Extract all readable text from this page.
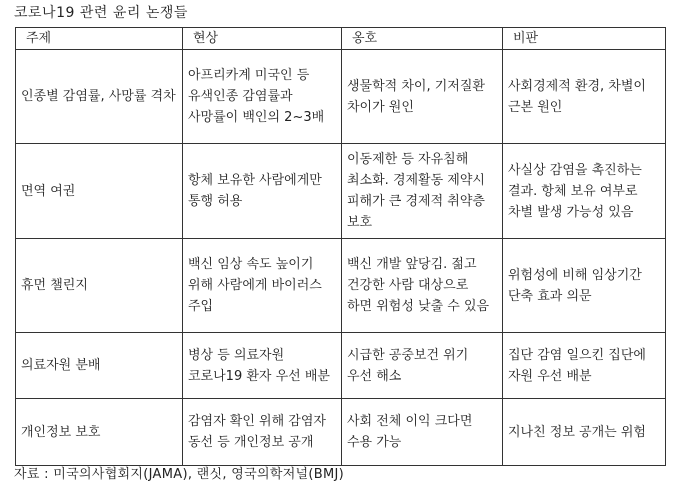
코로나19 관련 윤리 논쟁들
주제	현상	옹호	비판
인종별 감염률, 사망률 격차	아프리카계 미국인 등 유색인종 감염률과 사망률이 백인의 2~3배	생물학적 차이, 기저질환 차이가 원인	사회경제적 환경, 차별이 근본 원인
면역 여권	항체 보유한 사람에게만 통행 허용	이동제한 등 자유침해 최소화. 경제활동 제약시 피해가 큰 경제적 취약층 보호	사실상 감염을 촉진하는 결과. 항체 보유 여부로 차별 발생 가능성 있음
휴먼 챌린지	백신 임상 속도 높이기 위해 사람에게 바이러스 주입	백신 개발 앞당김. 젊고 건강한 사람 대상으로 하면 위험성 낮출 수 있음	위험성에 비해 임상기간 단축 효과 의문
의료자원 분배	병상 등 의료자원 코로나19 환자 우선 배분	시급한 공중보건 위기 우선 해소	집단 감염 일으킨 집단에 자원 우선 배분
개인정보 보호	감염자 확인 위해 감염자 동선 등 개인정보 공개	사회 전체 이익 크다면 수용 가능	지나친 정보 공개는 위험
자료 : 미국의사협회지(JAMA), 랜싯, 영국의학저널(BMJ)
